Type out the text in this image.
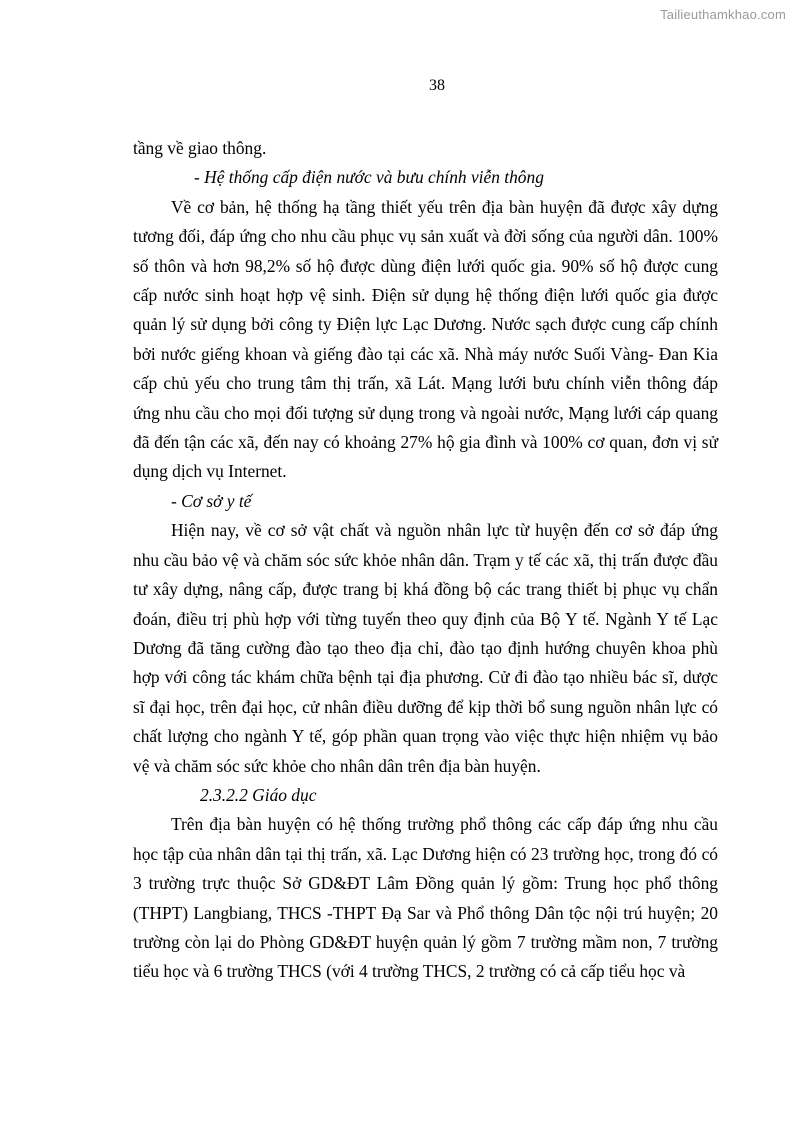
Tailieuthamkhao.com
38

tầng về giao thông.

- Hệ thống cấp điện nước và bưu chính viễn thông

Về cơ bản, hệ thống hạ tầng thiết yếu trên địa bàn huyện đã được xây dựng tương đối, đáp ứng cho nhu cầu phục vụ sản xuất và đời sống của người dân. 100% số thôn và hơn 98,2% số hộ được dùng điện lưới quốc gia. 90% số hộ được cung cấp nước sinh hoạt hợp vệ sinh. Điện sử dụng hệ thống điện lưới quốc gia được quản lý sử dụng bởi công ty Điện lực Lạc Dương. Nước sạch được cung cấp chính bởi nước giếng khoan và giếng đào tại các xã. Nhà máy nước Suối Vàng- Đan Kia cấp chủ yếu cho trung tâm thị trấn, xã Lát. Mạng lưới bưu chính viễn thông đáp ứng nhu cầu cho mọi đối tượng sử dụng trong và ngoài nước, Mạng lưới cáp quang đã đến tận các xã, đến nay có khoảng 27% hộ gia đình và 100% cơ quan, đơn vị sử dụng dịch vụ Internet.

- Cơ sở y tế

Hiện nay, về cơ sở vật chất và nguồn nhân lực từ huyện đến cơ sở đáp ứng nhu cầu bảo vệ và chăm sóc sức khỏe nhân dân. Trạm y tế các xã, thị trấn được đầu tư xây dựng, nâng cấp, được trang bị khá đồng bộ các trang thiết bị phục vụ chẩn đoán, điều trị phù hợp với từng tuyến theo quy định của Bộ Y tế. Ngành Y tế Lạc Dương đã tăng cường đào tạo theo địa chỉ, đào tạo định hướng chuyên khoa phù hợp với công tác khám chữa bệnh tại địa phương. Cử đi đào tạo nhiều bác sĩ, dược sĩ đại học, trên đại học, cử nhân điều dưỡng để kịp thời bổ sung nguồn nhân lực có chất lượng cho ngành Y tế, góp phần quan trọng vào việc thực hiện nhiệm vụ bảo vệ và chăm sóc sức khỏe cho nhân dân trên địa bàn huyện.

2.3.2.2 Giáo dục

Trên địa bàn huyện có hệ thống trường phổ thông các cấp đáp ứng nhu cầu học tập của nhân dân tại thị trấn, xã. Lạc Dương hiện có 23 trường học, trong đó có 3 trường trực thuộc Sở GD&ĐT Lâm Đồng quản lý gồm: Trung học phổ thông (THPT) Langbiang, THCS -THPT Đạ Sar và Phổ thông Dân tộc nội trú huyện; 20 trường còn lại do Phòng GD&ĐT huyện quản lý gồm 7 trường mầm non, 7 trường tiểu học và 6 trường THCS (với 4 trường THCS, 2 trường có cả cấp tiểu học và
